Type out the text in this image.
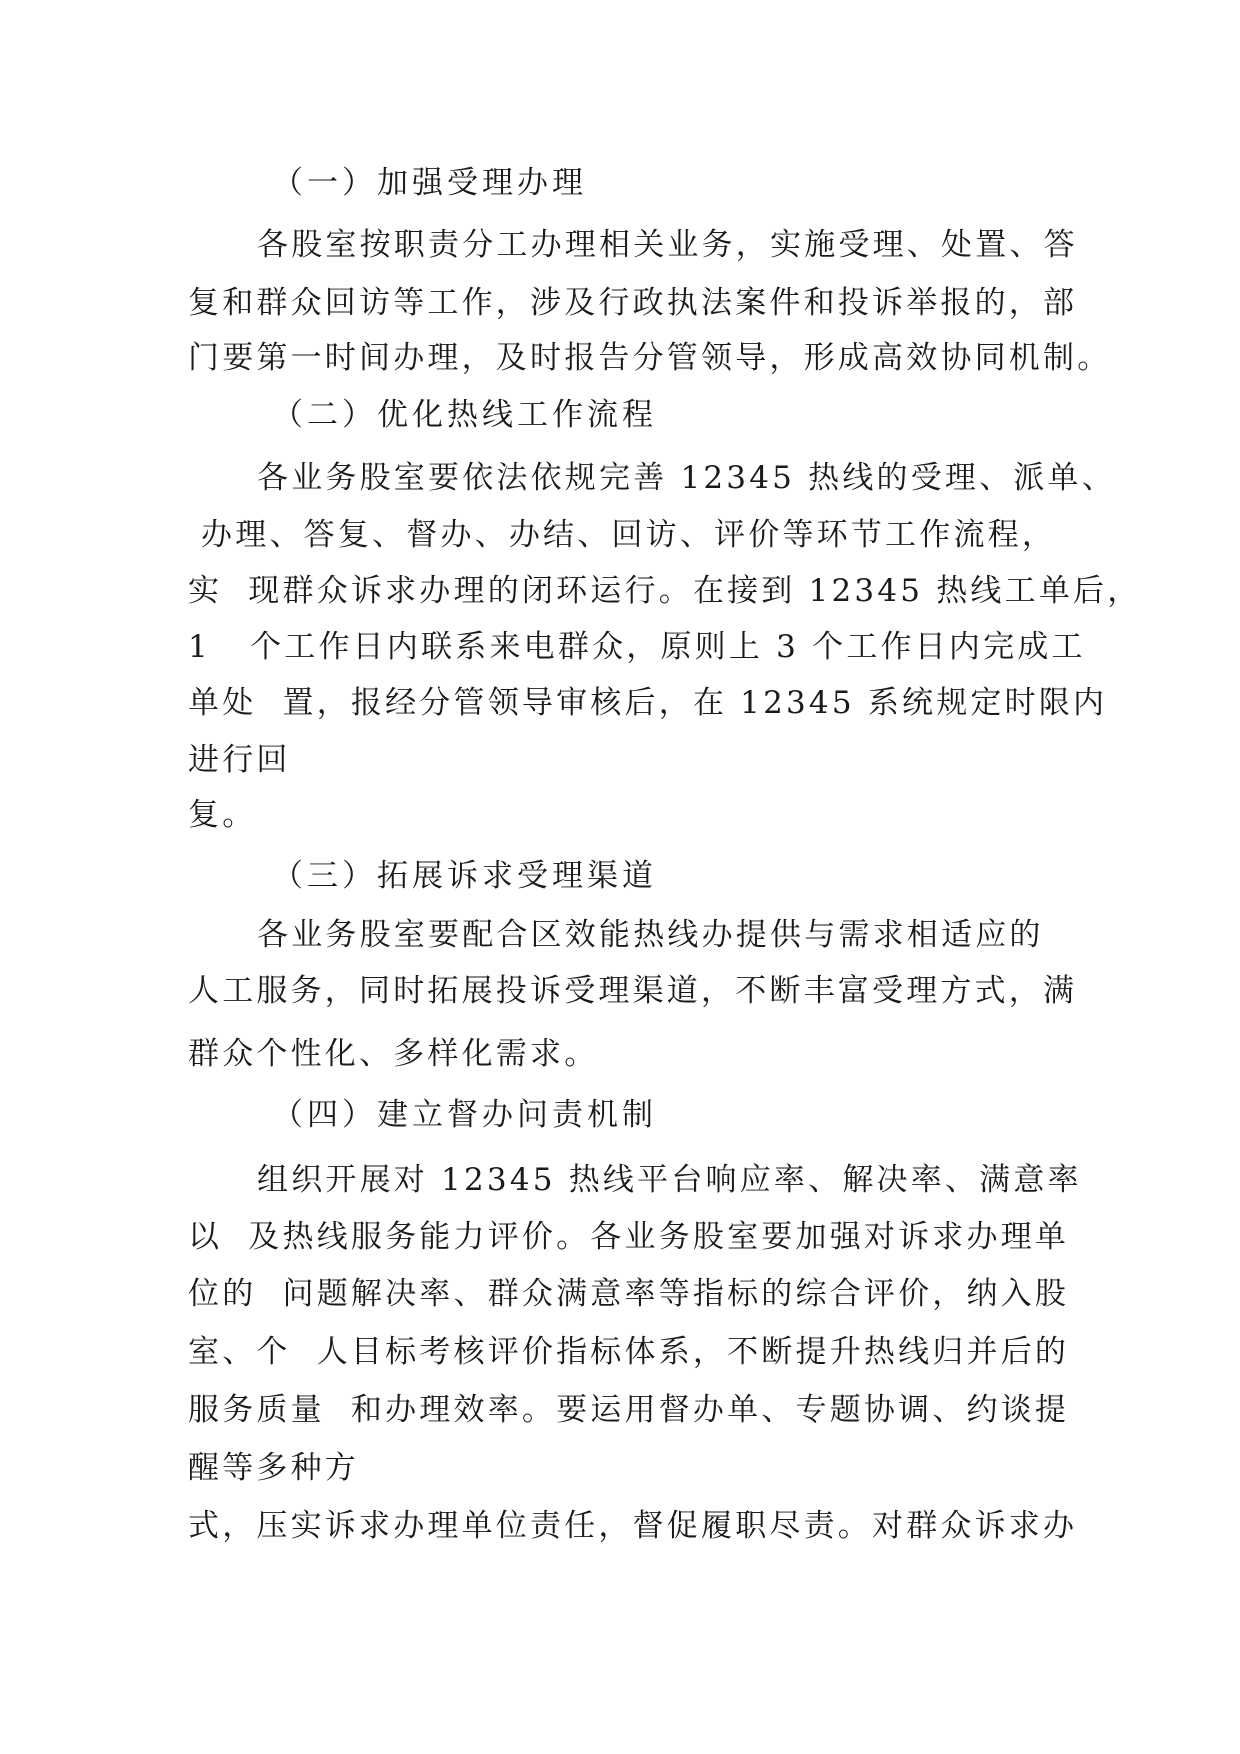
（一）加强受理办理
各股室按职责分工办理相关业务，实施受理、处置、答
复和群众回访等工作，涉及行政执法案件和投诉举报的，部
门要第一时间办理，及时报告分管领导，形成高效协同机制。
（二）优化热线工作流程
各业务股室要依法依规完善 12345 热线的受理、派单、
办理、答复、督办、办结、回访、评价等环节工作流程，
实  现群众诉求办理的闭环运行。在接到 12345 热线工单后，
1   个工作日内联系来电群众，原则上 3 个工作日内完成工
单处  置，报经分管领导审核后，在 12345 系统规定时限内
进行回
复。
（三）拓展诉求受理渠道
各业务股室要配合区效能热线办提供与需求相适应的
人工服务，同时拓展投诉受理渠道，不断丰富受理方式，满
群众个性化、多样化需求。
（四）建立督办问责机制
组织开展对 12345 热线平台响应率、解决率、满意率
以  及热线服务能力评价。各业务股室要加强对诉求办理单
位的  问题解决率、群众满意率等指标的综合评价，纳入股
室、个  人目标考核评价指标体系，不断提升热线归并后的
服务质量  和办理效率。要运用督办单、专题协调、约谈提
醒等多种方
式，压实诉求办理单位责任，督促履职尽责。对群众诉求办
